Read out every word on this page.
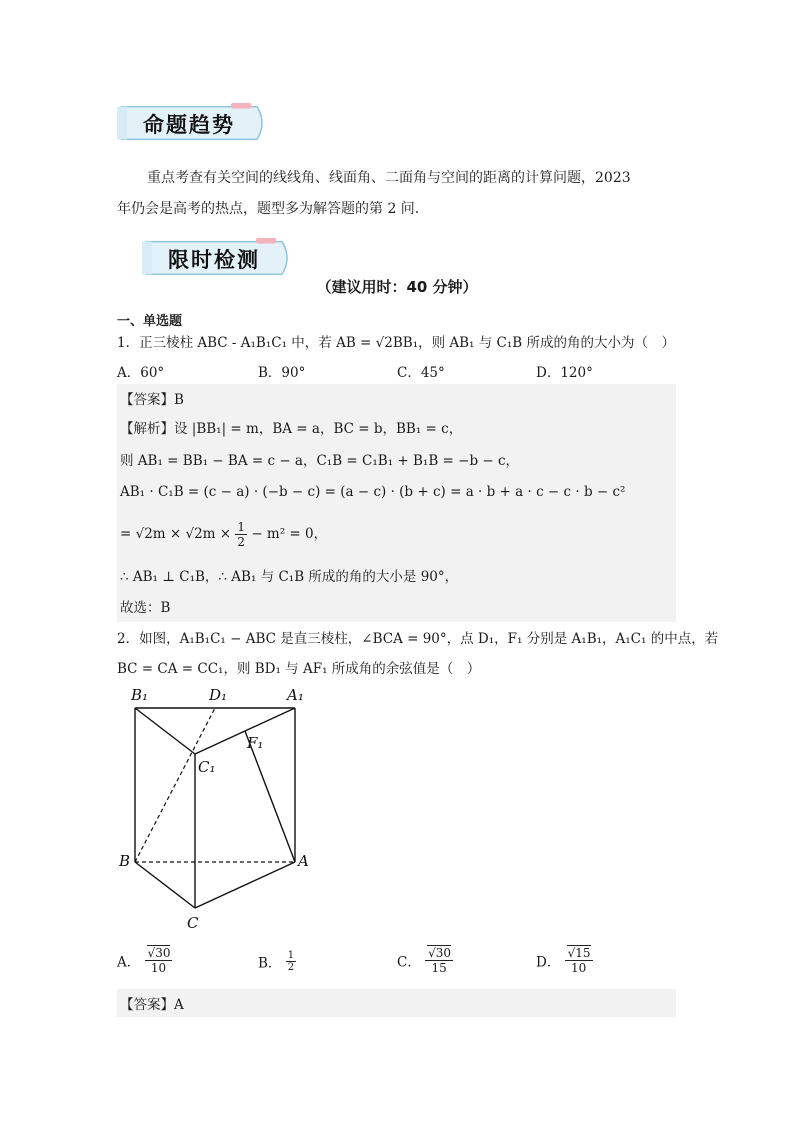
命题趋势
重点考查有关空间的线线角、线面角、二面角与空间的距离的计算问题，2023
年仍会是高考的热点，题型多为解答题的第 2 问.
限时检测
（建议用时：40 分钟）
一、单选题
1．正三棱柱 ABC - A₁B₁C₁ 中，若 AB = √2BB₁，则 AB₁ 与 C₁B 所成的角的大小为（　）
A．60°	B．90°	C．45°	D．120°
【答案】B
【解析】设 |BB₁| = m，BA = a，BC = b，BB₁ = c，
则 AB₁ = BB₁ − BA = c − a，C₁B = C₁B₁ + B₁B = −b − c，
AB₁ · C₁B = (c − a) · (−b − c) = (a − c) · (b + c) = a · b + a · c − c · b − c²
= $√2m \times √2m \times \frac{1}{2} - m^2 = 0$，
∴ AB₁ ⊥ C₁B，∴ AB₁ 与 C₁B 所成的角的大小是 90°，
故选：B
2．如图，A₁B₁C₁ − ABC 是直三棱柱，∠BCA = 90°，点 D₁，F₁ 分别是 A₁B₁，A₁C₁ 的中点，若
BC = CA = CC₁，则 BD₁ 与 AF₁ 所成角的余弦值是（　）
B₁	D₁	A₁
F₁
C₁
B	A
C
A． $\frac{√30}{10}$	B． $\frac{1}{2}$	C． $\frac{√30}{15}$	D． $\frac{√15}{10}$
【答案】A
